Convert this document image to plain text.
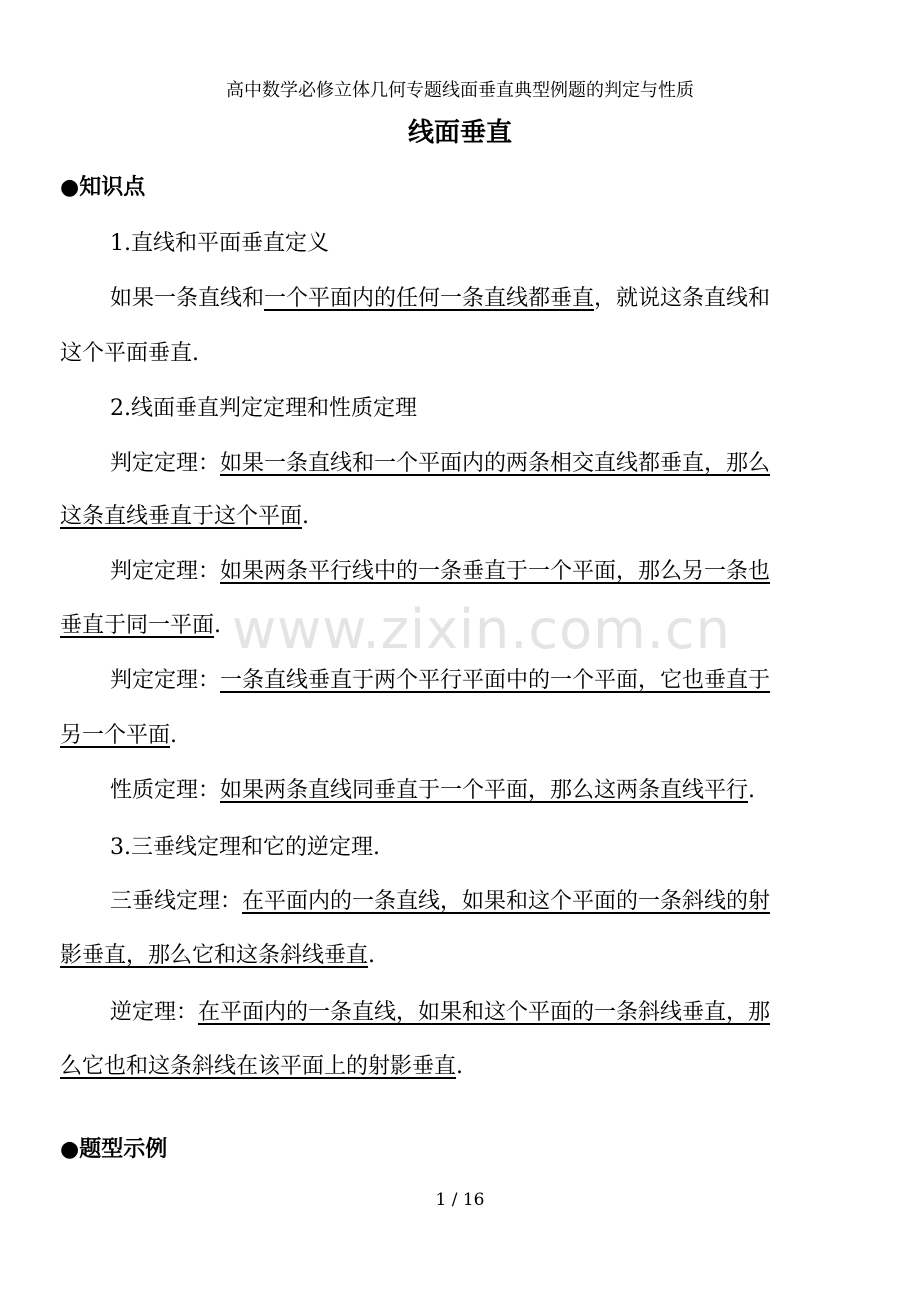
高中数学必修立体几何专题线面垂直典型例题的判定与性质
线面垂直
www.zixin.com.cn
●知识点
1.直线和平面垂直定义
如果一条直线和一个平面内的任何一条直线都垂直，就说这条直线和
这个平面垂直.
2.线面垂直判定定理和性质定理
判定定理：如果一条直线和一个平面内的两条相交直线都垂直，那么
这条直线垂直于这个平面.
判定定理：如果两条平行线中的一条垂直于一个平面，那么另一条也
垂直于同一平面.
判定定理：一条直线垂直于两个平行平面中的一个平面，它也垂直于
另一个平面.
性质定理：如果两条直线同垂直于一个平面，那么这两条直线平行.
3.三垂线定理和它的逆定理.
三垂线定理：在平面内的一条直线，如果和这个平面的一条斜线的射
影垂直，那么它和这条斜线垂直.
逆定理：在平面内的一条直线，如果和这个平面的一条斜线垂直，那
么它也和这条斜线在该平面上的射影垂直.
●题型示例
1 / 16
